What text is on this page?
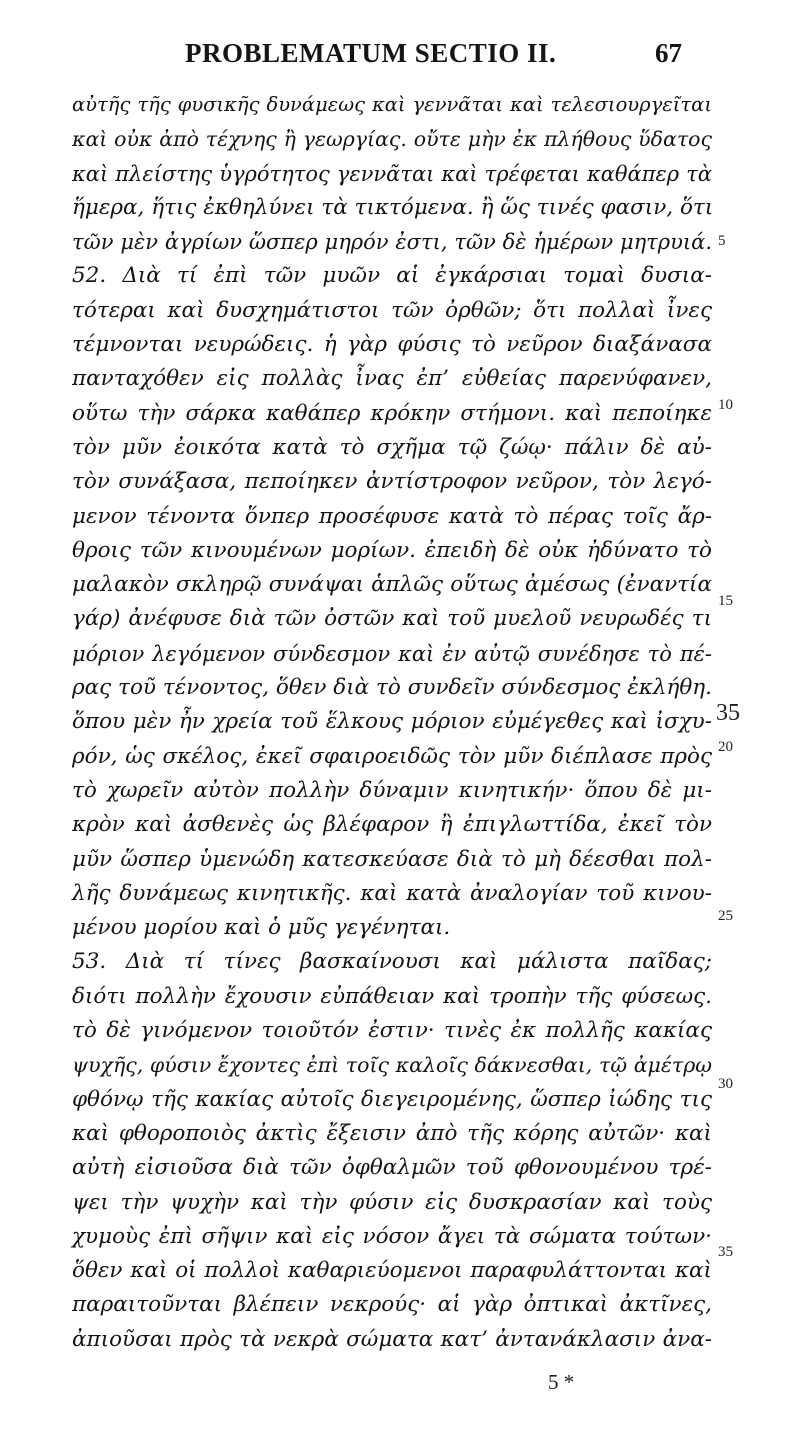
PROBLEMATUM SECTIO II.	67
αὐτῆς τῆς φυσικῆς δυνάμεως καὶ γεννᾶται καὶ τελεσιουργεῖται
καὶ οὐκ ἀπὸ τέχνης ἢ γεωργίας. οὔτε μὴν ἐκ πλήθους ὕδατος
καὶ πλείστης ὑγρότητος γεννᾶται καὶ τρέφεται καθάπερ τὰ
ἥμερα, ἥτις ἐκθηλύνει τὰ τικτόμενα. ἢ ὥς τινές φασιν, ὅτι
τῶν μὲν ἀγρίων ὥσπερ μηρόν ἐστι, τῶν δὲ ἡμέρων μητρυιά.
52. Διὰ τί ἐπὶ τῶν μυῶν αἱ ἐγκάρσιαι τομαὶ δυσια-
τότεραι καὶ δυσχημάτιστοι τῶν ὀρθῶν; ὅτι πολλαὶ ἶνες
τέμνονται νευρώδεις. ἡ γὰρ φύσις τὸ νεῦρον διαξάνασα
πανταχόθεν εἰς πολλὰς ἶνας ἐπ’ εὐθείας παρενύφανεν,
οὕτω τὴν σάρκα καθάπερ κρόκην στήμονι. καὶ πεποίηκε
τὸν μῦν ἐοικότα κατὰ τὸ σχῆμα τῷ ζώῳ· πάλιν δὲ αὐ-
τὸν συνάξασα, πεποίηκεν ἀντίστροφον νεῦρον, τὸν λεγό-
μενον τένοντα ὅνπερ προσέφυσε κατὰ τὸ πέρας τοῖς ἄρ-
θροις τῶν κινουμένων μορίων. ἐπειδὴ δὲ οὐκ ἠδύνατο τὸ
μαλακὸν σκληρῷ συνάψαι ἁπλῶς οὕτως ἀμέσως (ἐναντία
γάρ) ἀνέφυσε διὰ τῶν ὀστῶν καὶ τοῦ μυελοῦ νευρωδές τι
μόριον λεγόμενον σύνδεσμον καὶ ἐν αὐτῷ συνέδησε τὸ πέ-
ρας τοῦ τένοντος, ὅθεν διὰ τὸ συνδεῖν σύνδεσμος ἐκλήθη.
ὅπου μὲν ἦν χρεία τοῦ ἕλκους μόριον εὐμέγεθες καὶ ἰσχυ-
ρόν, ὡς σκέλος, ἐκεῖ σφαιροειδῶς τὸν μῦν διέπλασε πρὸς
τὸ χωρεῖν αὐτὸν πολλὴν δύναμιν κινητικήν· ὅπου δὲ μι-
κρὸν καὶ ἀσθενὲς ὡς βλέφαρον ἢ ἐπιγλωττίδα, ἐκεῖ τὸν
μῦν ὥσπερ ὑμενώδη κατεσκεύασε διὰ τὸ μὴ δέεσθαι πολ-
λῆς δυνάμεως κινητικῆς. καὶ κατὰ ἀναλογίαν τοῦ κινου-
μένου μορίου καὶ ὁ μῦς γεγένηται.
53. Διὰ τί τίνες βασκαίνουσι καὶ μάλιστα παῖδας;
διότι πολλὴν ἔχουσιν εὐπάθειαν καὶ τροπὴν τῆς φύσεως.
τὸ δὲ γινόμενον τοιοῦτόν ἐστιν· τινὲς ἐκ πολλῆς κακίας
ψυχῆς, φύσιν ἔχοντες ἐπὶ τοῖς καλοῖς δάκνεσθαι, τῷ ἀμέτρῳ
φθόνῳ τῆς κακίας αὐτοῖς διεγειρομένης, ὥσπερ ἰώδης τις
καὶ φθοροποιὸς ἀκτὶς ἔξεισιν ἀπὸ τῆς κόρης αὐτῶν· καὶ
αὐτὴ εἰσιοῦσα διὰ τῶν ὀφθαλμῶν τοῦ φθονουμένου τρέ-
ψει τὴν ψυχὴν καὶ τὴν φύσιν εἰς δυσκρασίαν καὶ τοὺς
χυμοὺς ἐπὶ σῆψιν καὶ εἰς νόσον ἄγει τὰ σώματα τούτων·
ὅθεν καὶ οἱ πολλοὶ καθαριεύομενοι παραφυλάττονται καὶ
παραιτοῦνται βλέπειν νεκρούς· αἱ γὰρ ὀπτικαὶ ἀκτῖνες,
ἀπιοῦσαι πρὸς τὰ νεκρὰ σώματα κατ’ ἀντανάκλασιν ἀνα-
5
10
15
35
20
25
30
35
5 *
